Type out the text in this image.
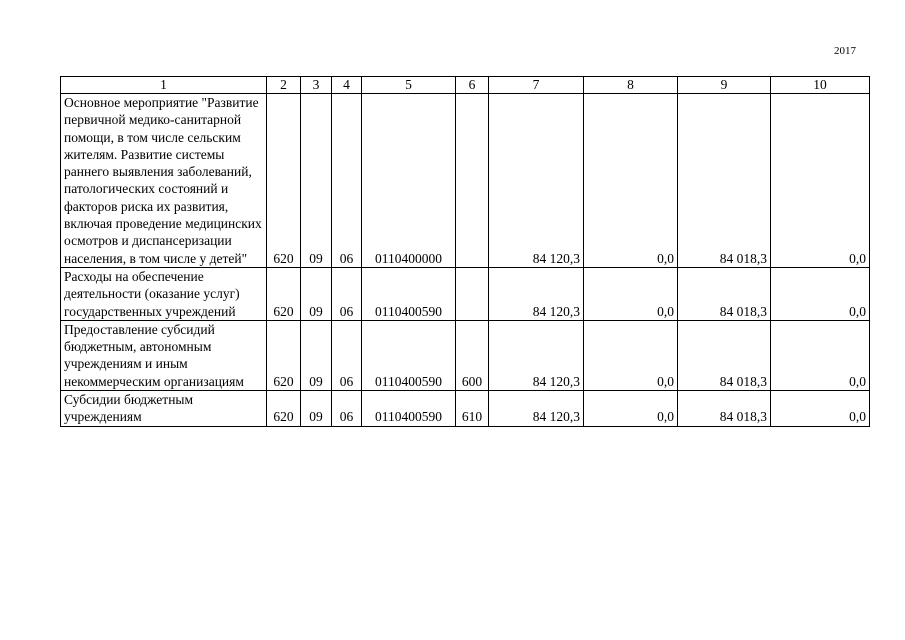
2017
1	2	3	4	5	6	7	8	9	10
Основное мероприятие "Развитие первичной медико-санитарной помощи, в том числе сельским жителям. Развитие системы раннего выявления заболеваний, патологических состояний и факторов риска их развития, включая проведение медицинских осмотров и диспансеризации населения, в том числе у детей"	620	09	06	0110400000		84 120,3	0,0	84 018,3	0,0
Расходы на обеспечение деятельности (оказание услуг) государственных учреждений	620	09	06	0110400590		84 120,3	0,0	84 018,3	0,0
Предоставление субсидий бюджетным, автономным учреждениям и иным некоммерческим организациям	620	09	06	0110400590	600	84 120,3	0,0	84 018,3	0,0
Субсидии бюджетным учреждениям	620	09	06	0110400590	610	84 120,3	0,0	84 018,3	0,0
